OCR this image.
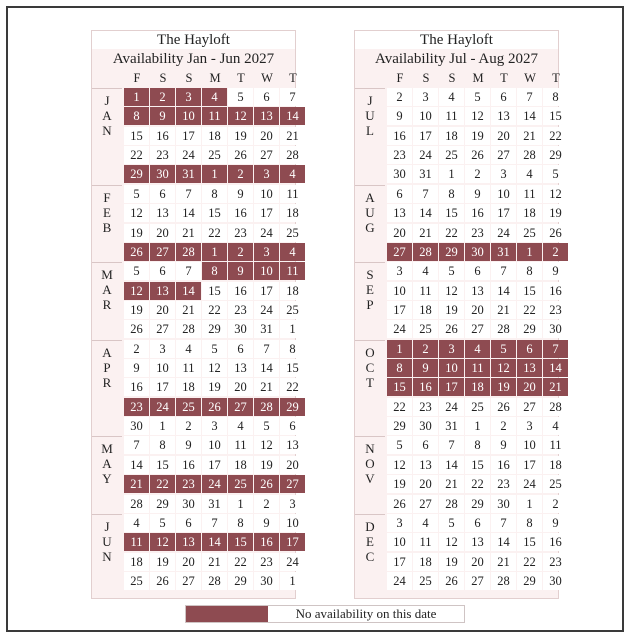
The Hayloft
Availability Jan - Jun 2027
F	S	S	M	T	W	T
J
A
N
1	2	3	4	5	6	7
8	9	10	11	12	13	14
15	16	17	18	19	20	21
22	23	24	25	26	27	28
29	30	31	1	2	3	4
F
E
B
5	6	7	8	9	10	11
12	13	14	15	16	17	18
19	20	21	22	23	24	25
26	27	28	1	2	3	4
M
A
R
5	6	7	8	9	10	11
12	13	14	15	16	17	18
19	20	21	22	23	24	25
26	27	28	29	30	31	1
A
P
R
2	3	4	5	6	7	8
9	10	11	12	13	14	15
16	17	18	19	20	21	22
23	24	25	26	27	28	29
30	1	2	3	4	5	6
M
A
Y
7	8	9	10	11	12	13
14	15	16	17	18	19	20
21	22	23	24	25	26	27
28	29	30	31	1	2	3
J
U
N
4	5	6	7	8	9	10
11	12	13	14	15	16	17
18	19	20	21	22	23	24
25	26	27	28	29	30	1
The Hayloft
Availability Jul - Aug 2027
F	S	S	M	T	W	T
J
U
L
2	3	4	5	6	7	8
9	10	11	12	13	14	15
16	17	18	19	20	21	22
23	24	25	26	27	28	29
30	31	1	2	3	4	5
A
U
G
6	7	8	9	10	11	12
13	14	15	16	17	18	19
20	21	22	23	24	25	26
27	28	29	30	31	1	2
S
E
P
3	4	5	6	7	8	9
10	11	12	13	14	15	16
17	18	19	20	21	22	23
24	25	26	27	28	29	30
O
C
T
1	2	3	4	5	6	7
8	9	10	11	12	13	14
15	16	17	18	19	20	21
22	23	24	25	26	27	28
29	30	31	1	2	3	4
N
O
V
5	6	7	8	9	10	11
12	13	14	15	16	17	18
19	20	21	22	23	24	25
26	27	28	29	30	1	2
D
E
C
3	4	5	6	7	8	9
10	11	12	13	14	15	16
17	18	19	20	21	22	23
24	25	26	27	28	29	30
No availability on this date
